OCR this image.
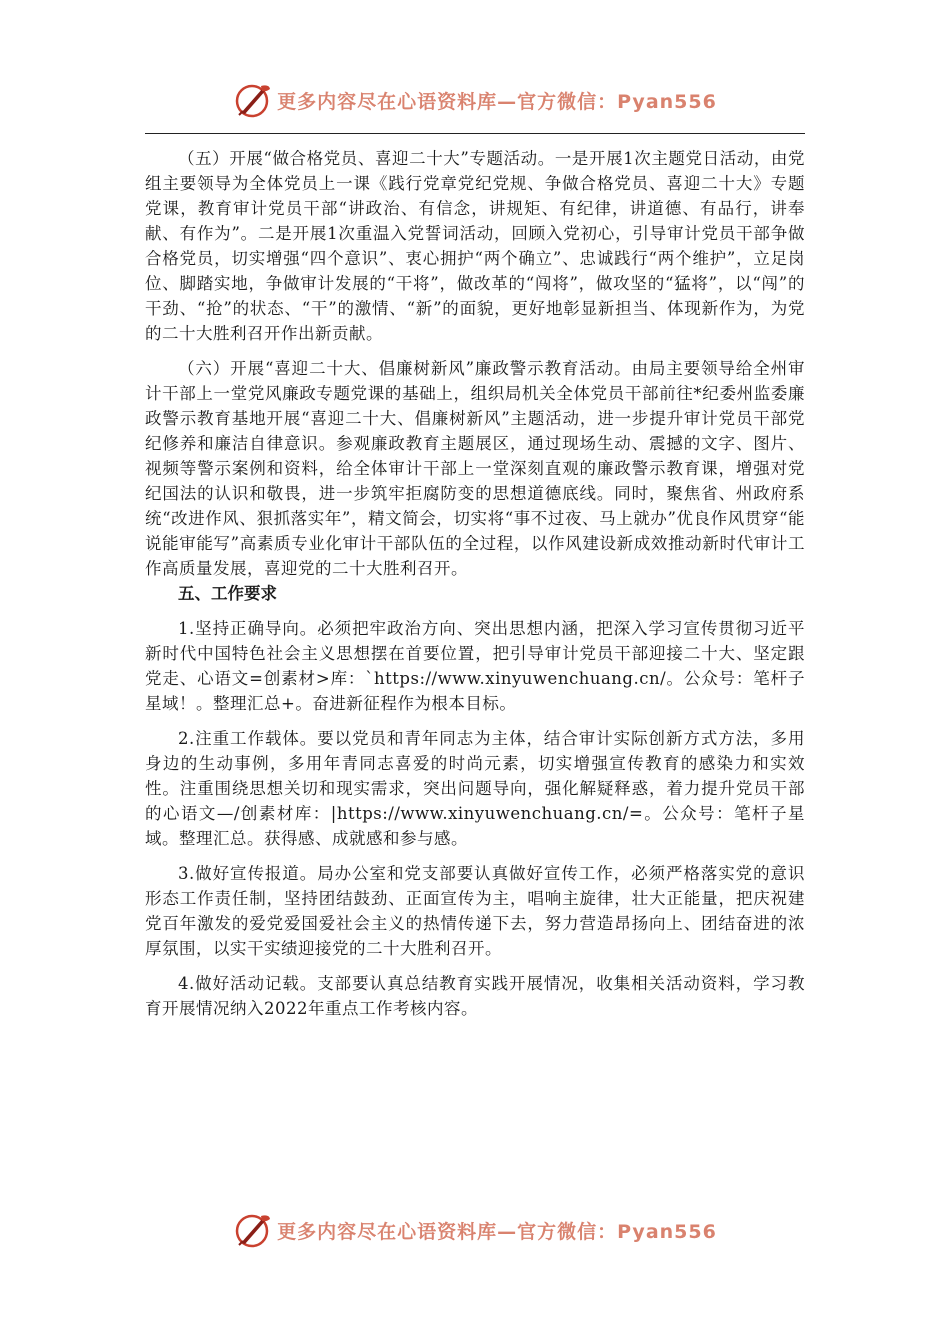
更多内容尽在心语资料库—官方微信：Pyan556

（五）开展“做合格党员、喜迎二十大”专题活动。一是开展1次主题党日活动，由党组主要领导为全体党员上一课《践行党章党纪党规、争做合格党员、喜迎二十大》专题党课，教育审计党员干部“讲政治、有信念，讲规矩、有纪律，讲道德、有品行，讲奉献、有作为”。二是开展1次重温入党誓词活动，回顾入党初心，引导审计党员干部争做合格党员，切实增强“四个意识”、衷心拥护“两个确立”、忠诚践行“两个维护”，立足岗位、脚踏实地，争做审计发展的“干将”，做改革的“闯将”，做攻坚的“猛将”，以“闯”的干劲、“抢”的状态、“干”的激情、“新”的面貌，更好地彰显新担当、体现新作为，为党的二十大胜利召开作出新贡献。

（六）开展“喜迎二十大、倡廉树新风”廉政警示教育活动。由局主要领导给全州审计干部上一堂党风廉政专题党课的基础上，组织局机关全体党员干部前往*纪委州监委廉政警示教育基地开展“喜迎二十大、倡廉树新风”主题活动，进一步提升审计党员干部党纪修养和廉洁自律意识。参观廉政教育主题展区，通过现场生动、震撼的文字、图片、视频等警示案例和资料，给全体审计干部上一堂深刻直观的廉政警示教育课，增强对党纪国法的认识和敬畏，进一步筑牢拒腐防变的思想道德底线。同时，聚焦省、州政府系统“改进作风、狠抓落实年”，精文简会，切实将“事不过夜、马上就办”优良作风贯穿“能说能审能写”高素质专业化审计干部队伍的全过程，以作风建设新成效推动新时代审计工作高质量发展，喜迎党的二十大胜利召开。

五、工作要求

1.坚持正确导向。必须把牢政治方向、突出思想内涵，把深入学习宣传贯彻习近平新时代中国特色社会主义思想摆在首要位置，把引导审计党员干部迎接二十大、坚定跟党走、心语文=创素材>库：`https://www.xinyuwenchuang.cn/。公众号：笔杆子星域！。整理汇总+。奋进新征程作为根本目标。

2.注重工作载体。要以党员和青年同志为主体，结合审计实际创新方式方法，多用身边的生动事例，多用年青同志喜爱的时尚元素，切实增强宣传教育的感染力和实效性。注重围绕思想关切和现实需求，突出问题导向，强化解疑释惑，着力提升党员干部的心语文—/创素材库：|https://www.xinyuwenchuang.cn/=。公众号：笔杆子星域。整理汇总。获得感、成就感和参与感。

3.做好宣传报道。局办公室和党支部要认真做好宣传工作，必须严格落实党的意识形态工作责任制，坚持团结鼓劲、正面宣传为主，唱响主旋律，壮大正能量，把庆祝建党百年激发的爱党爱国爱社会主义的热情传递下去，努力营造昂扬向上、团结奋进的浓厚氛围，以实干实绩迎接党的二十大胜利召开。

4.做好活动记载。支部要认真总结教育实践开展情况，收集相关活动资料，学习教育开展情况纳入2022年重点工作考核内容。

更多内容尽在心语资料库—官方微信：Pyan556
